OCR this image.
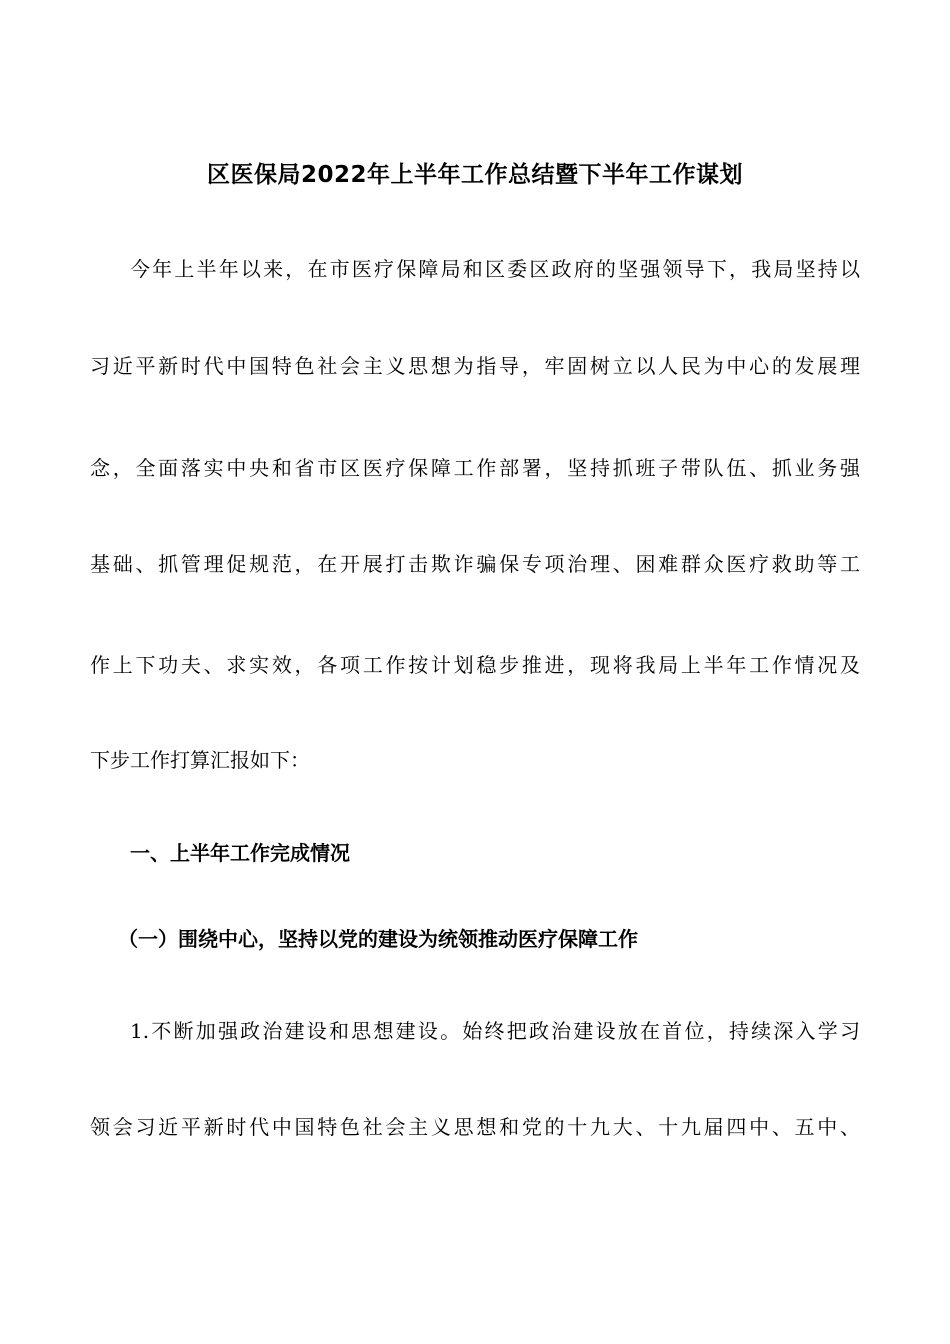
区医保局2022年上半年工作总结暨下半年工作谋划
今年上半年以来，在市医疗保障局和区委区政府的坚强领导下，我局坚持以
习近平新时代中国特色社会主义思想为指导，牢固树立以人民为中心的发展理
念，全面落实中央和省市区医疗保障工作部署，坚持抓班子带队伍、抓业务强
基础、抓管理促规范，在开展打击欺诈骗保专项治理、困难群众医疗救助等工
作上下功夫、求实效，各项工作按计划稳步推进，现将我局上半年工作情况及
下步工作打算汇报如下：
一、上半年工作完成情况
（一）围绕中心，坚持以党的建设为统领推动医疗保障工作
1.不断加强政治建设和思想建设。始终把政治建设放在首位，持续深入学习
领会习近平新时代中国特色社会主义思想和党的十九大、十九届四中、五中、
